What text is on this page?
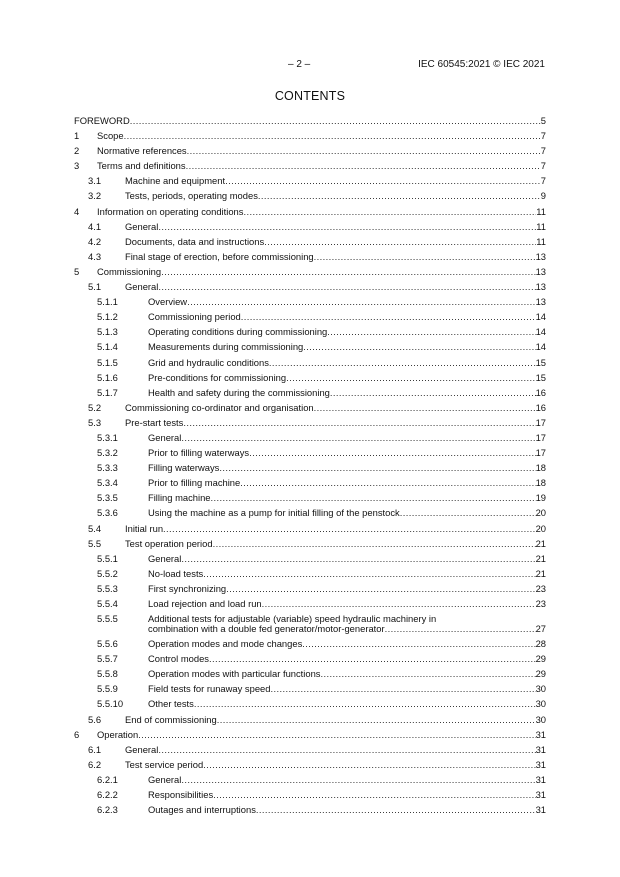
– 2 –	IEC 60545:2021 © IEC 2021
CONTENTS
FOREWORD .....	5
1 Scope .....	7
2 Normative references .....	7
3 Terms and definitions .....	7
3.1	Machine and equipment .....	7
3.2	Tests, periods, operating modes .....	9
4 Information on operating conditions .....	11
4.1	General .....	11
4.2	Documents, data and instructions .....	11
4.3	Final stage of erection, before commissioning .....	13
5 Commissioning .....	13
5.1	General .....	13
5.1.1	Overview .....	13
5.1.2	Commissioning period .....	14
5.1.3	Operating conditions during commissioning .....	14
5.1.4	Measurements during commissioning .....	14
5.1.5	Grid and hydraulic conditions .....	15
5.1.6	Pre-conditions for commissioning .....	15
5.1.7	Health and safety during the commissioning .....	16
5.2	Commissioning co-ordinator and organisation .....	16
5.3	Pre-start tests .....	17
5.3.1	General .....	17
5.3.2	Prior to filling waterways .....	17
5.3.3	Filling waterways .....	18
5.3.4	Prior to filling machine .....	18
5.3.5	Filling machine .....	19
5.3.6	Using the machine as a pump for initial filling of the penstock .....	20
5.4	Initial run .....	20
5.5	Test operation period .....	21
5.5.1	General .....	21
5.5.2	No-load tests .....	21
5.5.3	First synchronizing .....	23
5.5.4	Load rejection and load run .....	23
5.5.5	Additional tests for adjustable (variable) speed hydraulic machinery in
combination with a double fed generator/motor-generator .....	27
5.5.6	Operation modes and mode changes .....	28
5.5.7	Control modes .....	29
5.5.8	Operation modes with particular functions .....	29
5.5.9	Field tests for runaway speed .....	30
5.5.10	Other tests .....	30
5.6	End of commissioning .....	30
6 Operation .....	31
6.1	General .....	31
6.2	Test service period .....	31
6.2.1	General .....	31
6.2.2	Responsibilities .....	31
6.2.3	Outages and interruptions .....	31
